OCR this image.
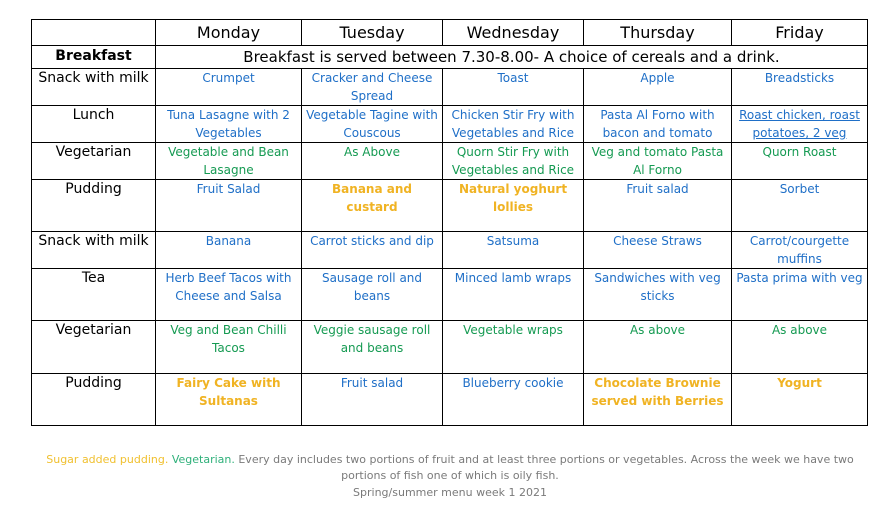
	Monday	Tuesday	Wednesday	Thursday	Friday
Breakfast	Breakfast is served between 7.30-8.00- A choice of cereals and a drink.				
Snack with milk	Crumpet	Cracker and Cheese Spread	Toast	Apple	Breadsticks
Lunch	Tuna Lasagne with 2 Vegetables	Vegetable Tagine with Couscous	Chicken Stir Fry with Vegetables and Rice	Pasta Al Forno with bacon and tomato	Roast chicken, roast potatoes, 2 veg
Vegetarian	Vegetable and Bean Lasagne	As Above	Quorn Stir Fry with Vegetables and Rice	Veg and tomato Pasta Al Forno	Quorn Roast
Pudding	Fruit Salad	Banana and custard	Natural yoghurt lollies	Fruit salad	Sorbet
Snack with milk	Banana	Carrot sticks and dip	Satsuma	Cheese Straws	Carrot/courgette muffins
Tea	Herb Beef Tacos with Cheese and Salsa	Sausage roll and beans	Minced lamb wraps	Sandwiches with veg sticks	Pasta prima with veg
Vegetarian	Veg and Bean Chilli Tacos	Veggie sausage roll and beans	Vegetable wraps	As above	As above
Pudding	Fairy Cake with Sultanas	Fruit salad	Blueberry cookie	Chocolate Brownie served with Berries	Yogurt
Sugar added pudding. Vegetarian. Every day includes two portions of fruit and at least three portions or vegetables. Across the week we have two portions of fish one of which is oily fish.
Spring/summer menu week 1 2021
